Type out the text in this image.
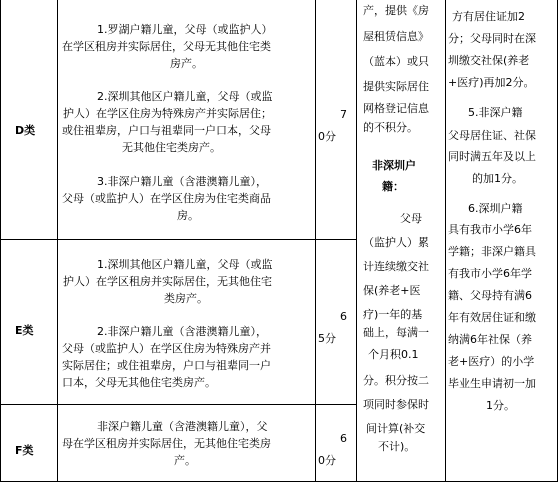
D类
1.罗湖户籍儿童，父母（或监护人）
在学区租房并实际居住，父母无其他住宅类
房产。
2.深圳其他区户籍儿童，父母（或监
护人）在学区住房为特殊房产并实际居住；
或住祖辈房，户口与祖辈同一户口本，父母
无其他住宅类房产。
3.非深户籍儿童（含港澳籍儿童），
父母（或监护人）在学区住房为住宅类商品
房。
7
0分
E类
1.深圳其他区户籍儿童，父母（或监
护人）在学区租房并实际居住，无其他住宅
类房产。
2.非深户籍儿童（含港澳籍儿童），
父母（或监护人）在学区住房为特殊房产并
实际居住；或住祖辈房，户口与祖辈同一户
口本，父母无其他住宅类房产。
6
5分
F类
非深户籍儿童（含港澳籍儿童），父
母在学区租房并实际居住，无其他住宅类房
产。
6
0分
产，提供《房
屋租赁信息》
（蓝本）或只
提供实际居住
网格登记信息
的不积分。
非深圳户
籍：
父母
（监护人）累
计连续缴交社
保(养老+医
疗)一年的基
础上，每满一
个月积0.1
分。积分按二
项同时参保时
间计算(补交
不计)。
方有居住证加2
分；父母同时在深
圳缴交社保(养老
+医疗)再加2分。
5.非深户籍
父母居住证、社保
同时满五年及以上
的加1分。
6.深圳户籍
具有我市小学6年
学籍；非深户籍具
有我市小学6年学
籍、父母持有满6
年有效居住证和缴
纳满6年社保（养
老+医疗）的小学
毕业生申请初一加
1分。
